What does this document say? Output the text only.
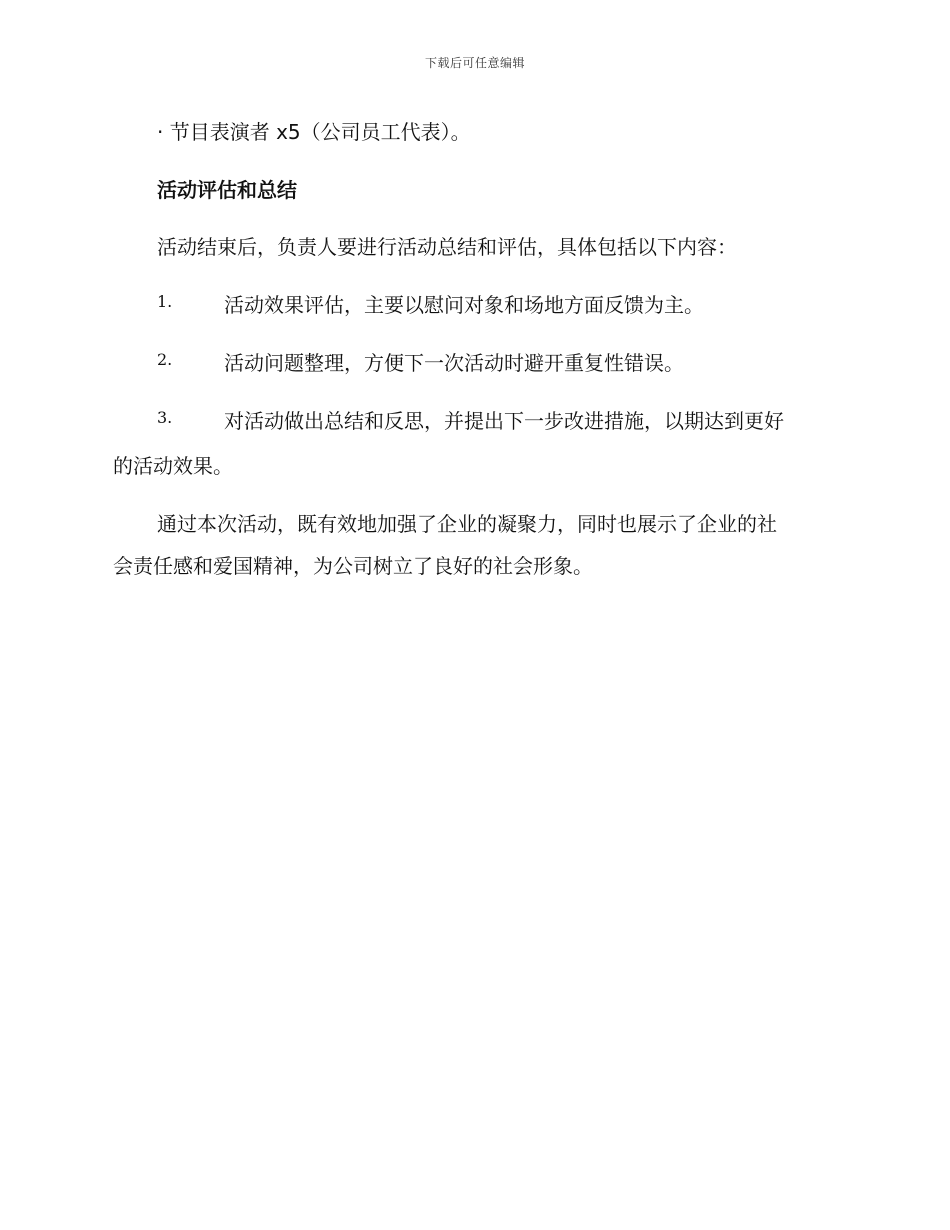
下载后可任意编辑
· 节目表演者 x5（公司员工代表）。
活动评估和总结
活动结束后，负责人要进行活动总结和评估，具体包括以下内容：
1.	活动效果评估，主要以慰问对象和场地方面反馈为主。
2.	活动问题整理，方便下一次活动时避开重复性错误。
3.	对活动做出总结和反思，并提出下一步改进措施，以期达到更好
的活动效果。
通过本次活动，既有效地加强了企业的凝聚力，同时也展示了企业的社
会责任感和爱国精神，为公司树立了良好的社会形象。
